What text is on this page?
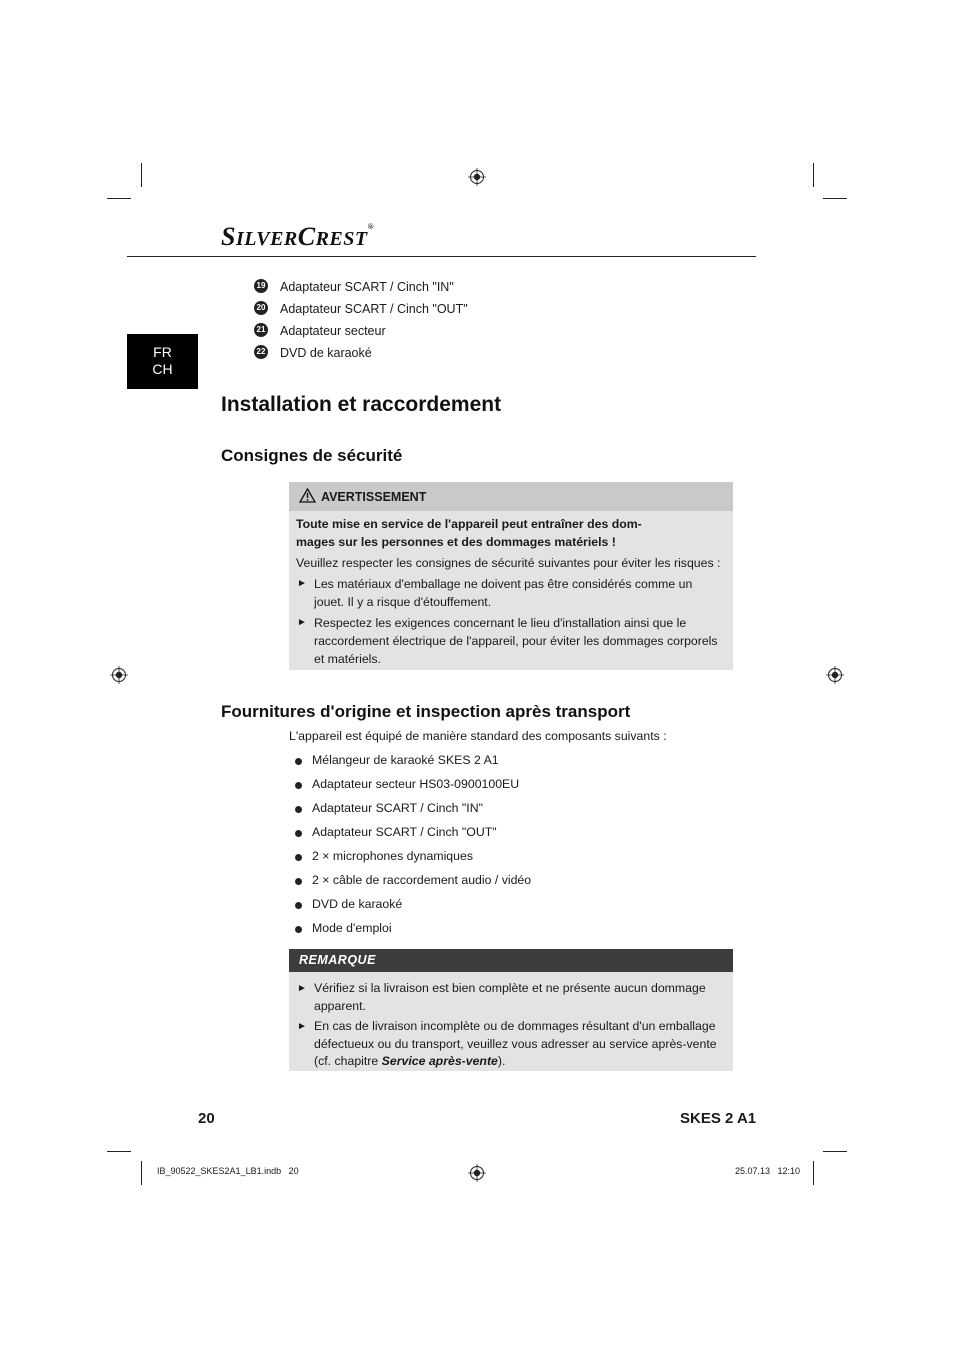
SILVERCREST®
19 Adaptateur SCART / Cinch "IN"
20 Adaptateur SCART / Cinch "OUT"
21 Adaptateur secteur
22 DVD de karaoké
FR
CH
Installation et raccordement
Consignes de sécurité
AVERTISSEMENT
Toute mise en service de l'appareil peut entraîner des dom-
mages sur les personnes et des dommages matériels !
Veuillez respecter les consignes de sécurité suivantes pour éviter les risques :
► Les matériaux d'emballage ne doivent pas être considérés comme un jouet. Il y a risque d'étouffement.
► Respectez les exigences concernant le lieu d'installation ainsi que le raccordement électrique de l'appareil, pour éviter les dommages corporels et matériels.
Fournitures d'origine et inspection après transport
L'appareil est équipé de manière standard des composants suivants :
Mélangeur de karaoké SKES 2 A1
Adaptateur secteur HS03-0900100EU
Adaptateur SCART / Cinch "IN"
Adaptateur SCART / Cinch "OUT"
2 × microphones dynamiques
2 × câble de raccordement audio / vidéo
DVD de karaoké
Mode d'emploi
REMARQUE
► Vérifiez si la livraison est bien complète et ne présente aucun dommage apparent.
► En cas de livraison incomplète ou de dommages résultant d'un emballage défectueux ou du transport, veuillez vous adresser au service après-vente (cf. chapitre Service après-vente).
20	SKES 2 A1
IB_90522_SKES2A1_LB1.indb   20	25.07.13   12:10
